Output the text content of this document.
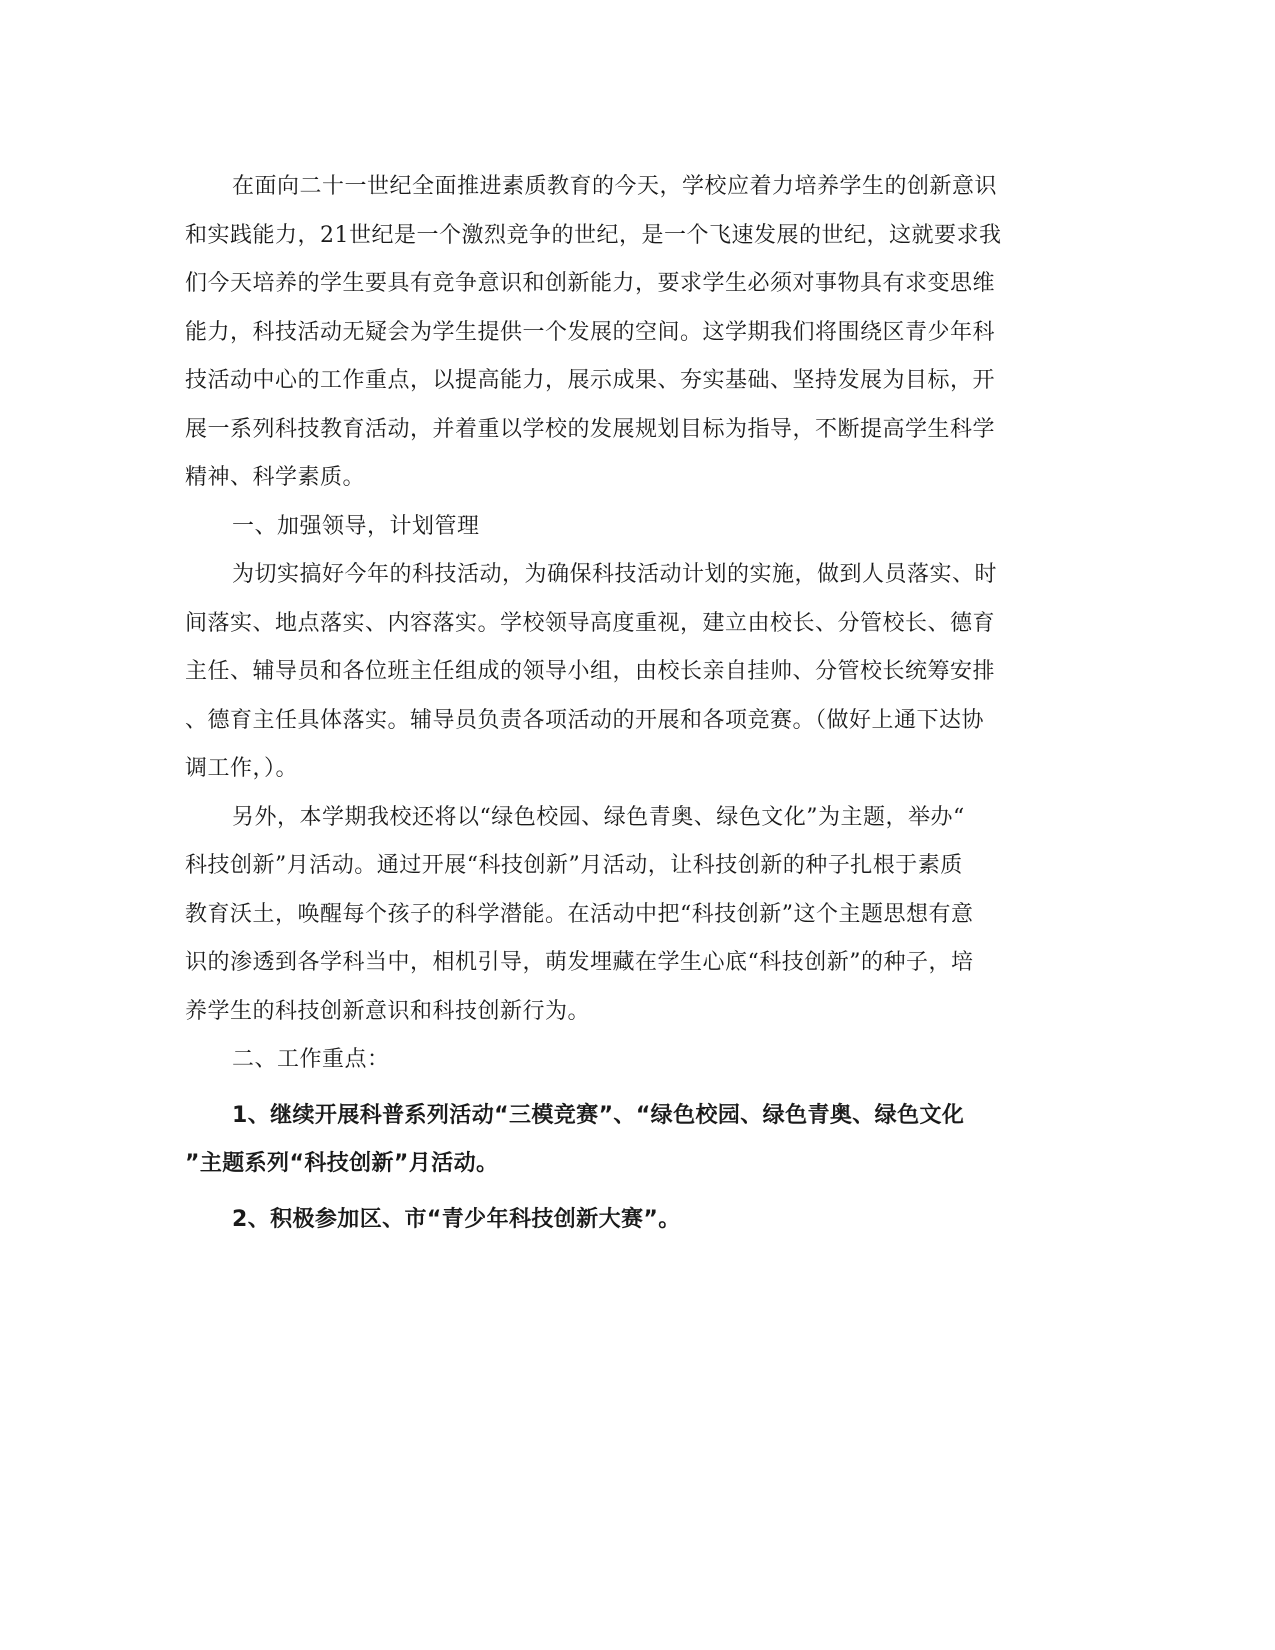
在面向二十一世纪全面推进素质教育的今天，学校应着力培养学生的创新意识
和实践能力，21世纪是一个激烈竞争的世纪，是一个飞速发展的世纪，这就要求我
们今天培养的学生要具有竞争意识和创新能力，要求学生必须对事物具有求变思维
能力，科技活动无疑会为学生提供一个发展的空间。这学期我们将围绕区青少年科
技活动中心的工作重点，以提高能力，展示成果、夯实基础、坚持发展为目标，开
展一系列科技教育活动，并着重以学校的发展规划目标为指导，不断提高学生科学
精神、科学素质。
一、加强领导，计划管理
为切实搞好今年的科技活动，为确保科技活动计划的实施，做到人员落实、时
间落实、地点落实、内容落实。学校领导高度重视，建立由校长、分管校长、德育
主任、辅导员和各位班主任组成的领导小组，由校长亲自挂帅、分管校长统筹安排
、德育主任具体落实。辅导员负责各项活动的开展和各项竞赛。（做好上通下达协
调工作，）。
另外，本学期我校还将以“绿色校园、绿色青奥、绿色文化”为主题，举办“
科技创新”月活动。通过开展“科技创新”月活动，让科技创新的种子扎根于素质
教育沃土，唤醒每个孩子的科学潜能。在活动中把“科技创新”这个主题思想有意
识的渗透到各学科当中，相机引导，萌发埋藏在学生心底“科技创新”的种子，培
养学生的科技创新意识和科技创新行为。
二、工作重点：
1、继续开展科普系列活动“三模竞赛”、“绿色校园、绿色青奥、绿色文化
”主题系列“科技创新”月活动。
2、积极参加区、市“青少年科技创新大赛”。
